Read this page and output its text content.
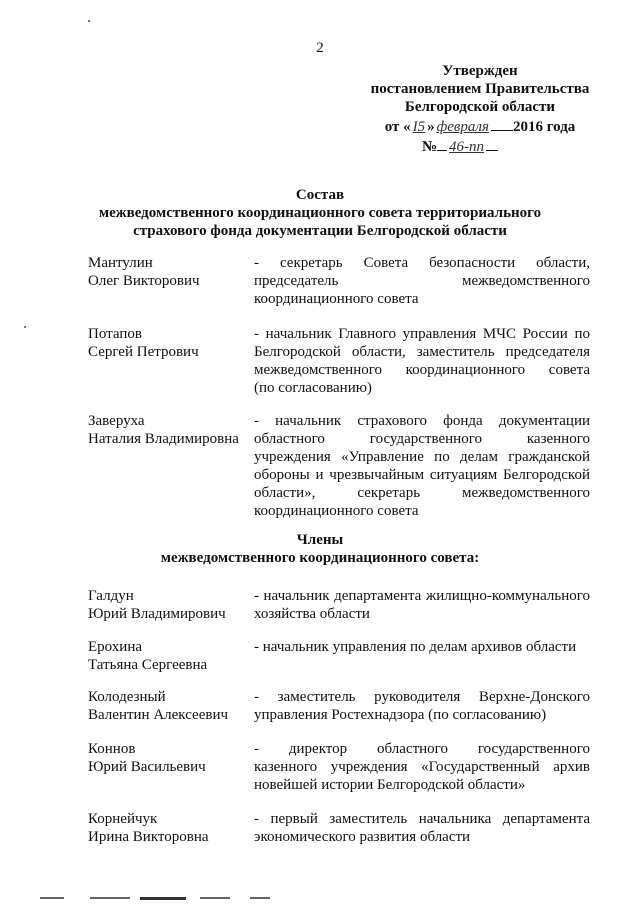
2
Утвержден
постановлением Правительства
Белгородской области
от « I5 » февраля 2016 года
№ 46-пп
Состав
межведомственного координационного совета территориального
страхового фонда документации Белгородской области
Мантулин
Олег Викторович
- секретарь Совета безопасности области,
председатель межведомственного
координационного совета
Потапов
Сергей Петрович
- начальник Главного управления МЧС России по
Белгородской области, заместитель председателя
межведомственного координационного совета
(по согласованию)
Заверуха
Наталия Владимировна
- начальник страхового фонда документации
областного государственного казенного
учреждения «Управление по делам гражданской
обороны и чрезвычайным ситуациям Белгородской
области», секретарь межведомственного
координационного совета
Члены
межведомственного координационного совета:
Галдун
Юрий Владимирович
- начальник департамента жилищно-коммунального
хозяйства области
Ерохина
Татьяна Сергеевна
- начальник управления по делам архивов области
Колодезный
Валентин Алексеевич
- заместитель руководителя Верхне-Донского
управления Ростехнадзора (по согласованию)
Коннов
Юрий Васильевич
- директор областного государственного
казенного учреждения «Государственный архив
новейшей истории Белгородской области»
Корнейчук
Ирина Викторовна
- первый заместитель начальника департамента
экономического развития области
